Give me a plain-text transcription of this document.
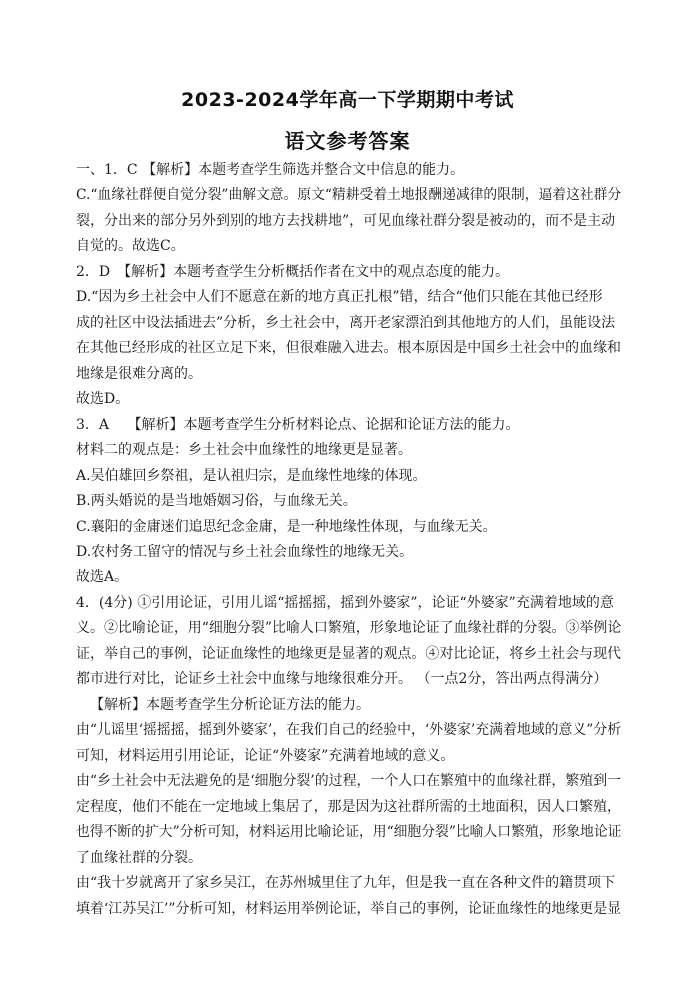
2023-2024学年高一下学期期中考试
语文参考答案
一、1．C 【解析】本题考查学生筛选并整合文中信息的能力。
C.“血缘社群便自觉分裂”曲解文意。原文“精耕受着土地报酬递减律的限制，逼着这社群分
裂，分出来的部分另外到别的地方去找耕地”，可见血缘社群分裂是被动的，而不是主动
自觉的。故选C。
2．D　【解析】本题考查学生分析概括作者在文中的观点态度的能力。
D.“因为乡土社会中人们不愿意在新的地方真正扎根”错，结合“他们只能在其他已经形
成的社区中设法插进去”分析，乡土社会中，离开老家漂泊到其他地方的人们，虽能设法
在其他已经形成的社区立足下来，但很难融入进去。根本原因是中国乡土社会中的血缘和
地缘是很难分离的。
故选D。
3．A　 【解析】本题考查学生分析材料论点、论据和论证方法的能力。
材料二的观点是：乡土社会中血缘性的地缘更是显著。
A.吴伯雄回乡祭祖，是认祖归宗，是血缘性地缘的体现。
B.两头婚说的是当地婚姻习俗，与血缘无关。
C.襄阳的金庸迷们追思纪念金庸，是一种地缘性体现，与血缘无关。
D.农村务工留守的情况与乡土社会血缘性的地缘无关。
故选A。
4．(4分) ①引用论证，引用儿谣“摇摇摇，摇到外婆家”，论证“外婆家”充满着地域的意
义。②比喻论证，用“细胞分裂”比喻人口繁殖，形象地论证了血缘社群的分裂。③举例论
证，举自己的事例，论证血缘性的地缘更是显著的观点。④对比论证，将乡土社会与现代
都市进行对比，论证乡土社会中血缘与地缘很难分开。 （一点2分，答出两点得满分）
【解析】本题考查学生分析论证方法的能力。
由“儿谣里‘摇摇摇，摇到外婆家’，在我们自己的经验中，‘外婆家’充满着地域的意义”分析
可知，材料运用引用论证，论证“外婆家”充满着地域的意义。
由“乡土社会中无法避免的是‘细胞分裂’的过程，一个人口在繁殖中的血缘社群，繁殖到一
定程度，他们不能在一定地域上集居了，那是因为这社群所需的土地面积，因人口繁殖，
也得不断的扩大”分析可知，材料运用比喻论证，用“细胞分裂”比喻人口繁殖，形象地论证
了血缘社群的分裂。
由“我十岁就离开了家乡吴江，在苏州城里住了九年，但是我一直在各种文件的籍贯项下
填着‘江苏吴江’”分析可知，材料运用举例论证，举自己的事例，论证血缘性的地缘更是显
